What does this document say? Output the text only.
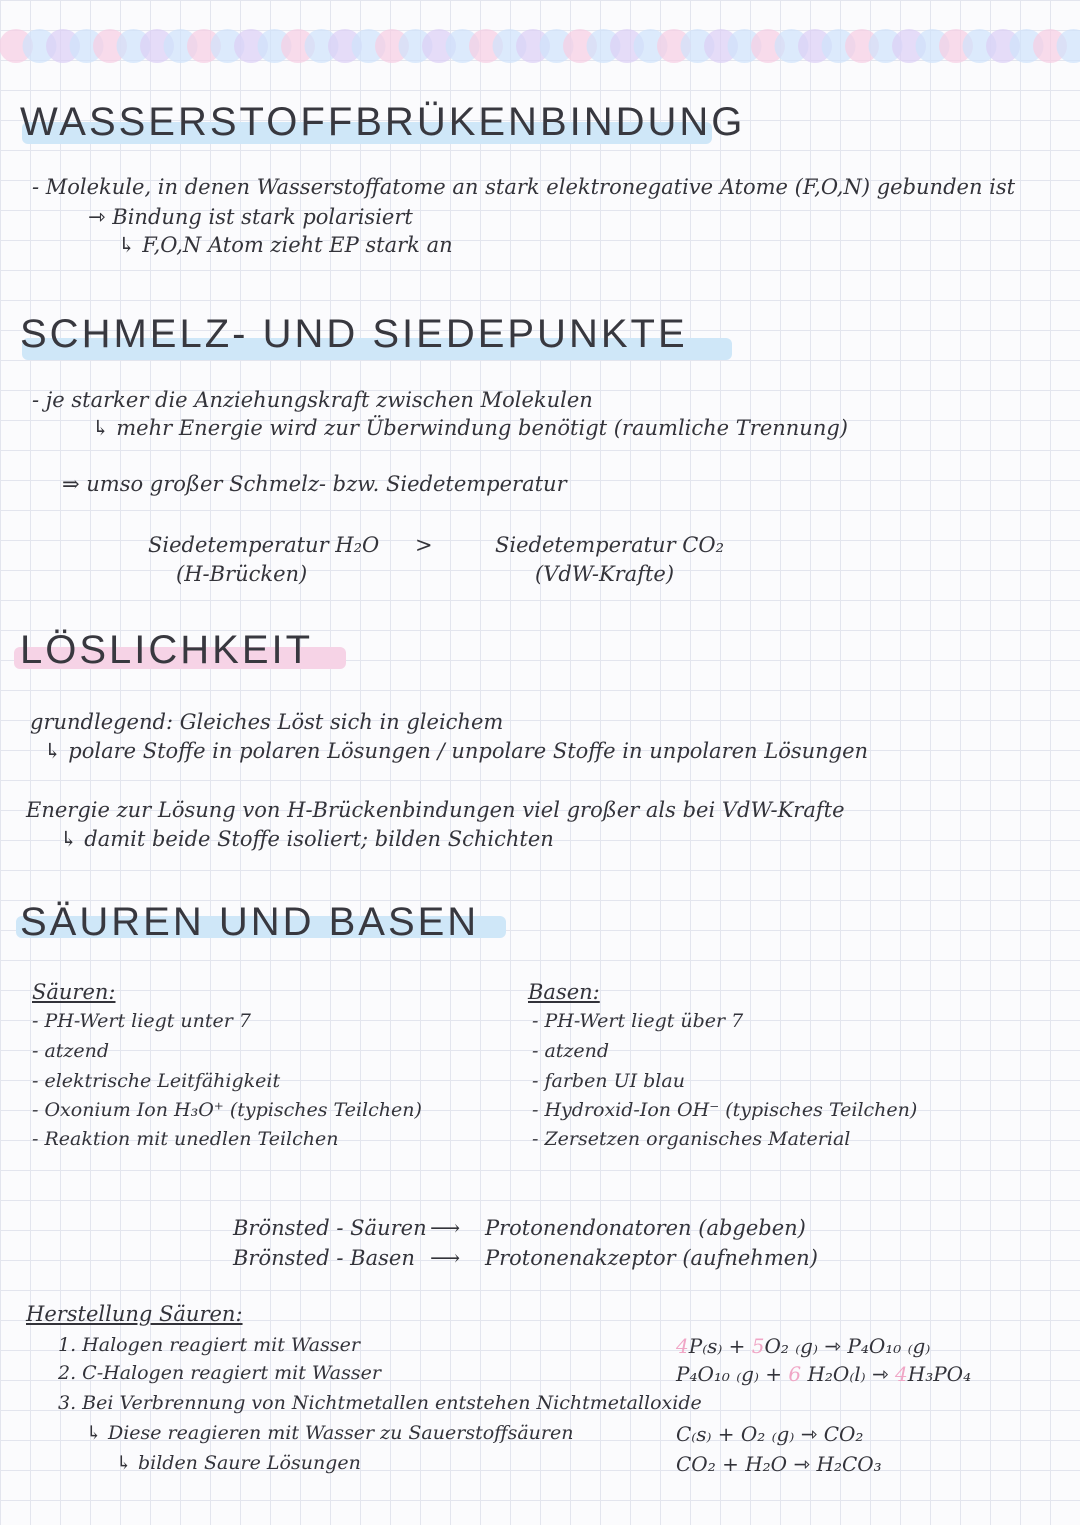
WASSERSTOFFBRÜKENBINDUNG
- Molekule, in denen Wasserstoffatome an stark elektronegative Atome (F,O,N) gebunden ist
⇾ Bindung ist stark polarisiert
↳ F,O,N Atom zieht EP stark an
SCHMELZ- UND SIEDEPUNKTE
- je starker die Anziehungskraft zwischen Molekulen
↳ mehr Energie wird zur Überwindung benötigt (raumliche Trennung)
⇒ umso großer Schmelz- bzw. Siedetemperatur
Siedetemperatur H₂O
(H-Brücken)
>	Siedetemperatur CO₂
(VdW-Krafte)
LÖSLICHKEIT
grundlegend: Gleiches Löst sich in gleichem
↳ polare Stoffe in polaren Lösungen / unpolare Stoffe in unpolaren Lösungen
Energie zur Lösung von H-Brückenbindungen viel großer als bei VdW-Krafte
↳ damit beide Stoffe isoliert; bilden Schichten
SÄUREN UND BASEN
Säuren:
- PH-Wert liegt unter 7
- atzend
- elektrische Leitfähigkeit
- Oxonium Ion H₃O⁺ (typisches Teilchen)
- Reaktion mit unedlen Teilchen
Basen:
- PH-Wert liegt über 7
- atzend
- farben UI blau
- Hydroxid-Ion OH⁻ (typisches Teilchen)
- Zersetzen organisches Material
Brönsted - Säuren ⟶ Protonendonatoren (abgeben)
Brönsted - Basen ⟶ Protonenakzeptor (aufnehmen)
Herstellung Säuren:
1. Halogen reagiert mit Wasser
2. C-Halogen reagiert mit Wasser
3. Bei Verbrennung von Nichtmetallen entstehen Nichtmetalloxide
↳ Diese reagieren mit Wasser zu Sauerstoffsäuren
↳ bilden Saure Lösungen
4P₍s₎ + 5O₂ ₍g₎ ⇾ P₄O₁₀ ₍g₎
P₄O₁₀ ₍g₎ + 6 H₂O₍l₎ ⇾ 4H₃PO₄
C₍s₎ + O₂ ₍g₎ ⇾ CO₂
CO₂ + H₂O ⇾ H₂CO₃
